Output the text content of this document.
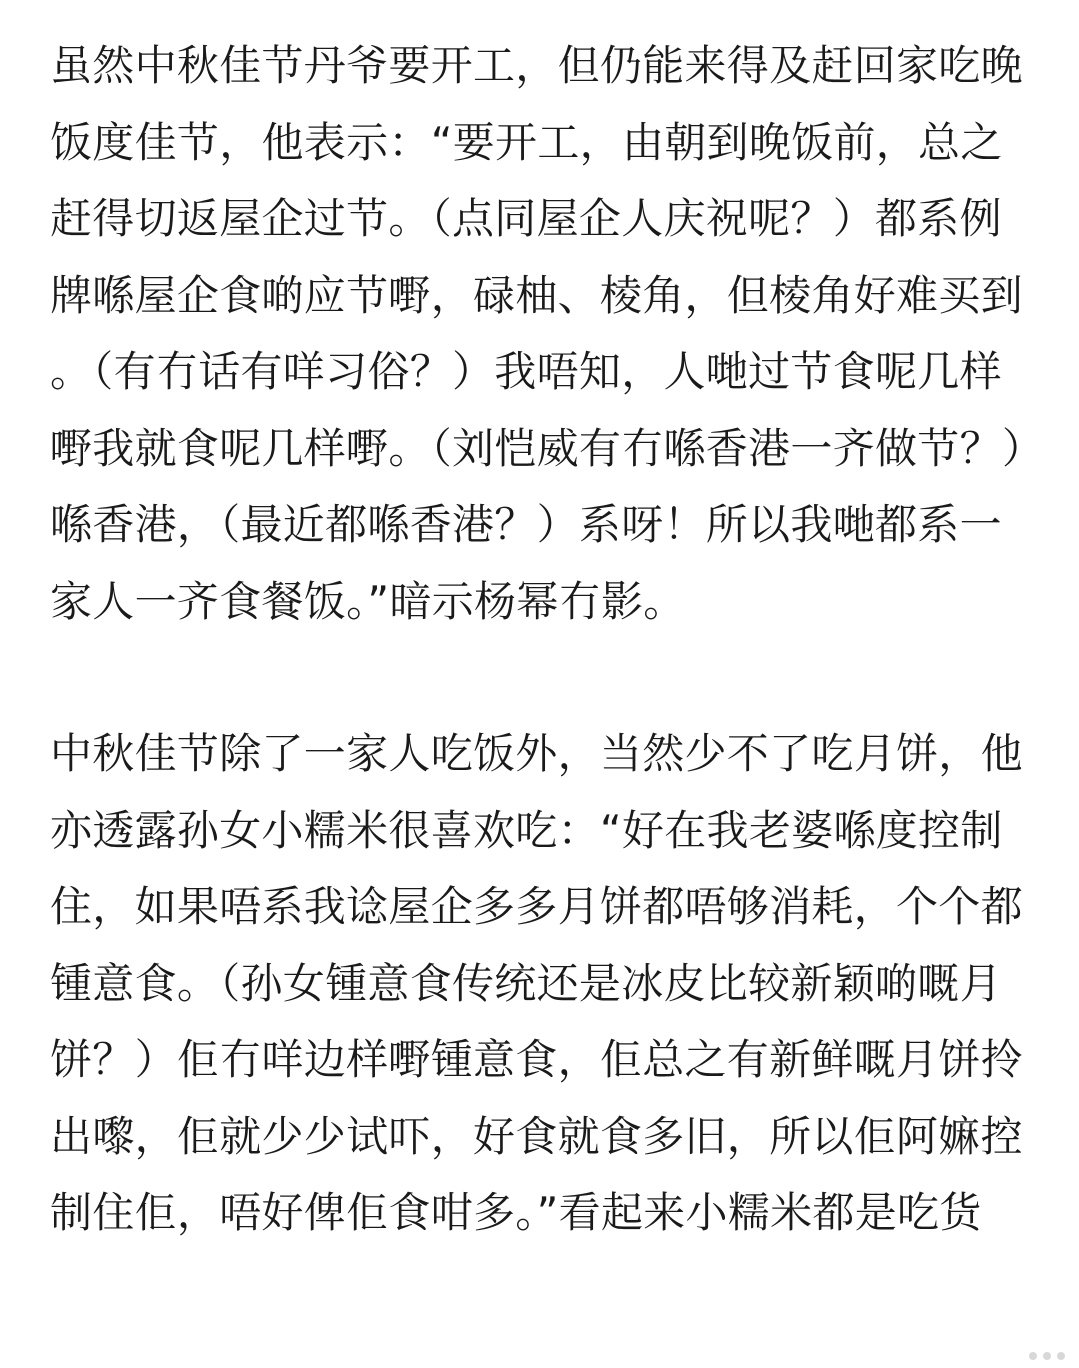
虽然中秋佳节丹爷要开工，但仍能来得及赶回家吃晚饭度佳节，他表示：“要开工，由朝到晚饭前，总之赶得切返屋企过节。（点同屋企人庆祝呢？）都系例牌喺屋企食啲应节嘢，碌柚、棱角，但棱角好难买到。（有冇话有咩习俗？）我唔知，人哋过节食呢几样嘢我就食呢几样嘢。（刘恺威有冇喺香港一齐做节？）喺香港，（最近都喺香港？）系呀！所以我哋都系一家人一齐食餐饭。”暗示杨幂冇影。

中秋佳节除了一家人吃饭外，当然少不了吃月饼，他亦透露孙女小糯米很喜欢吃：“好在我老婆喺度控制住，如果唔系我谂屋企多多月饼都唔够消耗，个个都锺意食。（孙女锺意食传统还是冰皮比较新颖啲嘅月饼？）佢冇咩边样嘢锺意食，佢总之有新鲜嘅月饼拎出嚟，佢就少少试吓，好食就食多旧，所以佢阿嫲控制住佢，唔好俾佢食咁多。”看起来小糯米都是吃货
